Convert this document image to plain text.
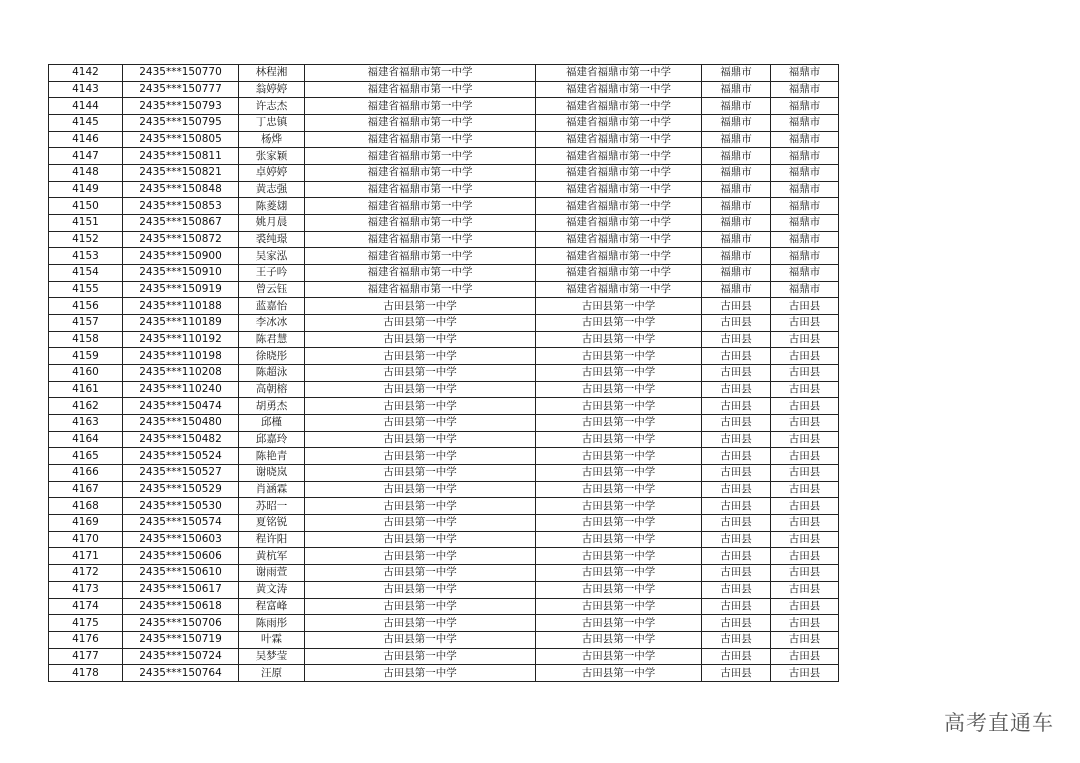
4142	2435***150770	林程湘	福建省福鼎市第一中学	福建省福鼎市第一中学	福鼎市	福鼎市
4143	2435***150777	翁婷婷	福建省福鼎市第一中学	福建省福鼎市第一中学	福鼎市	福鼎市
4144	2435***150793	许志杰	福建省福鼎市第一中学	福建省福鼎市第一中学	福鼎市	福鼎市
4145	2435***150795	丁忠镇	福建省福鼎市第一中学	福建省福鼎市第一中学	福鼎市	福鼎市
4146	2435***150805	杨烨	福建省福鼎市第一中学	福建省福鼎市第一中学	福鼎市	福鼎市
4147	2435***150811	张家颖	福建省福鼎市第一中学	福建省福鼎市第一中学	福鼎市	福鼎市
4148	2435***150821	卓婷婷	福建省福鼎市第一中学	福建省福鼎市第一中学	福鼎市	福鼎市
4149	2435***150848	黄志强	福建省福鼎市第一中学	福建省福鼎市第一中学	福鼎市	福鼎市
4150	2435***150853	陈菱翃	福建省福鼎市第一中学	福建省福鼎市第一中学	福鼎市	福鼎市
4151	2435***150867	姚月晨	福建省福鼎市第一中学	福建省福鼎市第一中学	福鼎市	福鼎市
4152	2435***150872	裘纯璟	福建省福鼎市第一中学	福建省福鼎市第一中学	福鼎市	福鼎市
4153	2435***150900	吴家泓	福建省福鼎市第一中学	福建省福鼎市第一中学	福鼎市	福鼎市
4154	2435***150910	王子吟	福建省福鼎市第一中学	福建省福鼎市第一中学	福鼎市	福鼎市
4155	2435***150919	曾云钰	福建省福鼎市第一中学	福建省福鼎市第一中学	福鼎市	福鼎市
4156	2435***110188	蓝嘉怡	古田县第一中学	古田县第一中学	古田县	古田县
4157	2435***110189	李冰冰	古田县第一中学	古田县第一中学	古田县	古田县
4158	2435***110192	陈君慧	古田县第一中学	古田县第一中学	古田县	古田县
4159	2435***110198	徐晓彤	古田县第一中学	古田县第一中学	古田县	古田县
4160	2435***110208	陈超泳	古田县第一中学	古田县第一中学	古田县	古田县
4161	2435***110240	高朝榕	古田县第一中学	古田县第一中学	古田县	古田县
4162	2435***150474	胡勇杰	古田县第一中学	古田县第一中学	古田县	古田县
4163	2435***150480	邱槿	古田县第一中学	古田县第一中学	古田县	古田县
4164	2435***150482	邱嘉玲	古田县第一中学	古田县第一中学	古田县	古田县
4165	2435***150524	陈艳青	古田县第一中学	古田县第一中学	古田县	古田县
4166	2435***150527	谢晓岚	古田县第一中学	古田县第一中学	古田县	古田县
4167	2435***150529	肖涵霖	古田县第一中学	古田县第一中学	古田县	古田县
4168	2435***150530	苏昭一	古田县第一中学	古田县第一中学	古田县	古田县
4169	2435***150574	夏铭锐	古田县第一中学	古田县第一中学	古田县	古田县
4170	2435***150603	程许阳	古田县第一中学	古田县第一中学	古田县	古田县
4171	2435***150606	黄杭军	古田县第一中学	古田县第一中学	古田县	古田县
4172	2435***150610	谢雨萱	古田县第一中学	古田县第一中学	古田县	古田县
4173	2435***150617	黄文涛	古田县第一中学	古田县第一中学	古田县	古田县
4174	2435***150618	程富峰	古田县第一中学	古田县第一中学	古田县	古田县
4175	2435***150706	陈雨彤	古田县第一中学	古田县第一中学	古田县	古田县
4176	2435***150719	叶霖	古田县第一中学	古田县第一中学	古田县	古田县
4177	2435***150724	吴梦莹	古田县第一中学	古田县第一中学	古田县	古田县
4178	2435***150764	汪原	古田县第一中学	古田县第一中学	古田县	古田县
高考直通车
